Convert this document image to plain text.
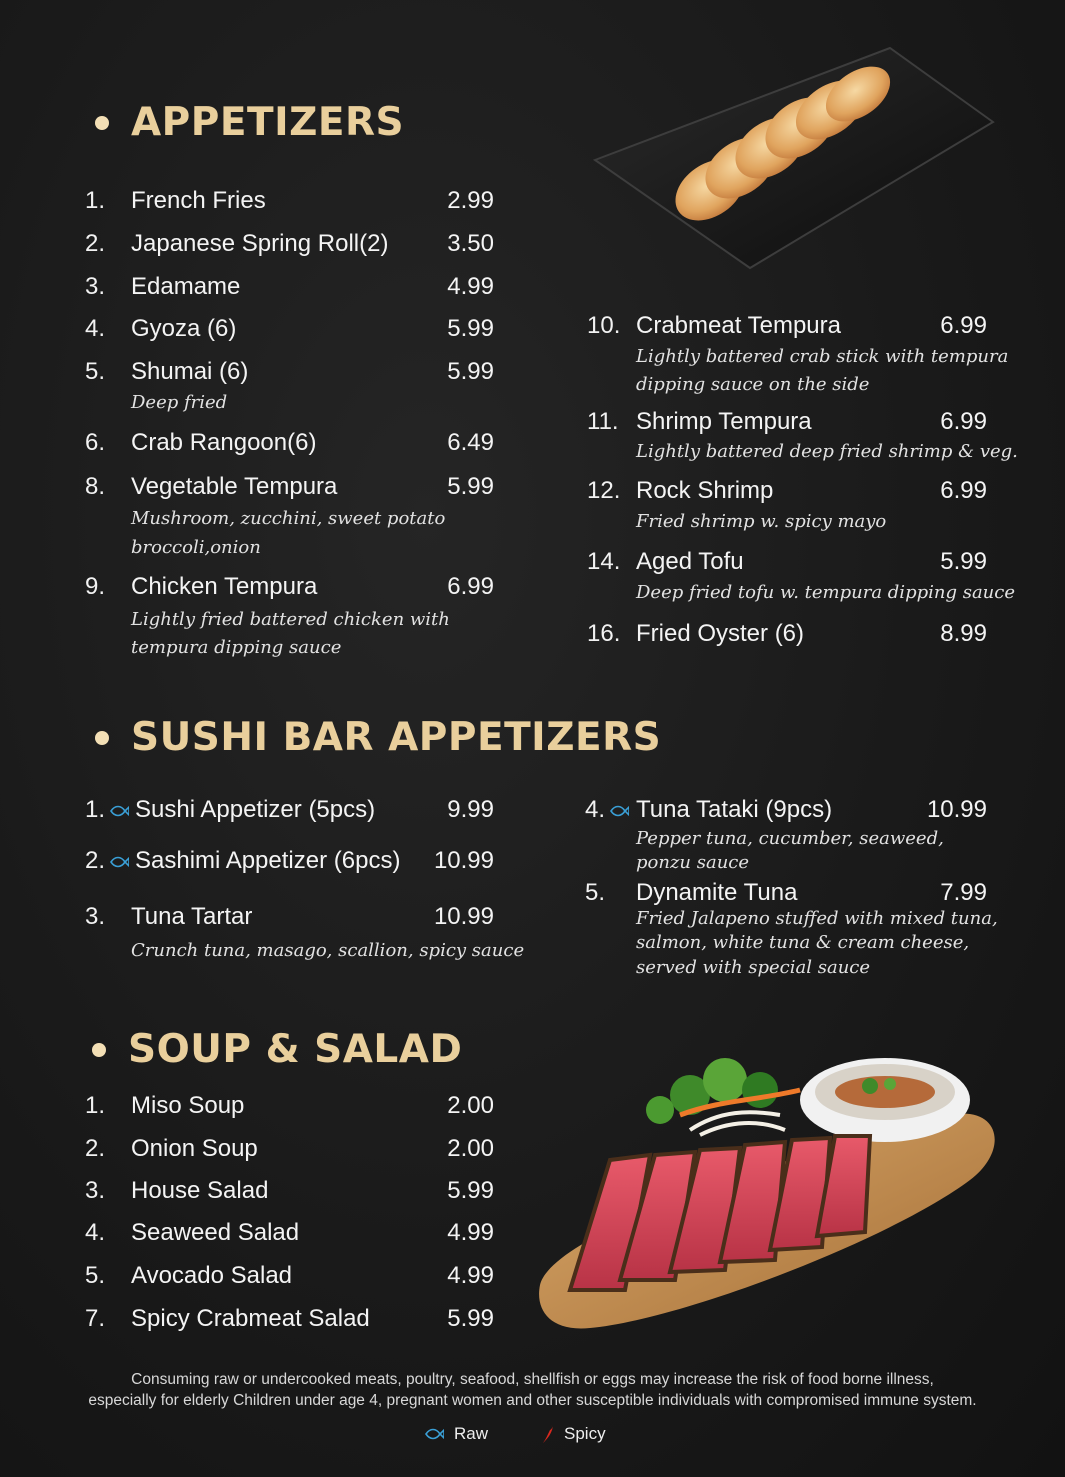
APPETIZERS
1. French Fries	2.99
2. Japanese Spring Roll(2) 3.50
3. Edamame	4.99
4. Gyoza (6)	5.99
5. Shumai (6)	5.99
Deep fried
6. Crab Rangoon(6)	6.49
8. Vegetable Tempura	5.99
Mushroom, zucchini, sweet potato
broccoli,onion
9. Chicken Tempura	6.99
Lightly fried battered chicken with
tempura dipping sauce
10. Crabmeat Tempura	6.99
Lightly battered crab stick with tempura
dipping sauce on the side
11. Shrimp Tempura	6.99
Lightly battered deep fried shrimp & veg.
12. Rock Shrimp	6.99
Fried shrimp w. spicy mayo
14. Aged Tofu	5.99
Deep fried tofu w. tempura dipping sauce
16. Fried Oyster (6)	8.99
SUSHI BAR APPETIZERS
1. Sushi Appetizer (5pcs)	9.99
2. Sashimi Appetizer (6pcs) 10.99
3. Tuna Tartar	10.99
Crunch tuna, masago, scallion, spicy sauce
4. Tuna Tataki (9pcs)	10.99
Pepper tuna, cucumber, seaweed,
ponzu sauce
5. Dynamite Tuna	7.99
Fried Jalapeno stuffed with mixed tuna,
salmon, white tuna & cream cheese,
served with special sauce
SOUP & SALAD
1. Miso Soup	2.00
2. Onion Soup	2.00
3. House Salad	5.99
4. Seaweed Salad	4.99
5. Avocado Salad	4.99
7. Spicy Crabmeat Salad	5.99
Consuming raw or undercooked meats, poultry, seafood, shellfish or eggs may increase the risk of food borne illness,
especially for elderly Children under age 4, pregnant women and other susceptible individuals with compromised immune system.
Raw	Spicy
